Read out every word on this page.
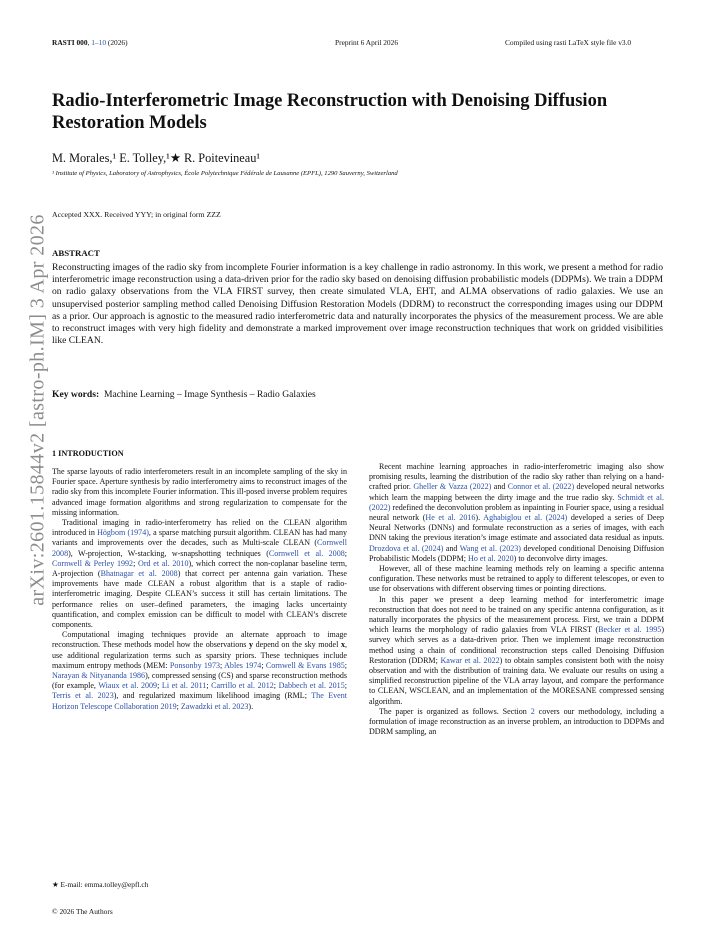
RASTI 000, 1–10 (2026)	Preprint 6 April 2026	Compiled using rasti LaTeX style file v3.0
arXiv:2601.15844v2 [astro-ph.IM] 3 Apr 2026
Radio-Interferometric Image Reconstruction with Denoising Diffusion Restoration Models
M. Morales,¹ E. Tolley,¹★ R. Poitevineau¹
¹ Institute of Physics, Laboratory of Astrophysics, École Polytechnique Fédérale de Lausanne (EPFL), 1290 Sauverny, Switzerland
Accepted XXX. Received YYY; in original form ZZZ
ABSTRACT
Reconstructing images of the radio sky from incomplete Fourier information is a key challenge in radio astronomy. In this work, we present a method for radio interferometric image reconstruction using a data-driven prior for the radio sky based on denoising diffusion probabilistic models (DDPMs). We train a DDPM on radio galaxy observations from the VLA FIRST survey, then create simulated VLA, EHT, and ALMA observations of radio galaxies. We use an unsupervised posterior sampling method called Denoising Diffusion Restoration Models (DDRM) to reconstruct the corresponding images using our DDPM as a prior. Our approach is agnostic to the measured radio interferometric data and naturally incorporates the physics of the measurement process. We are able to reconstruct images with very high fidelity and demonstrate a marked improvement over image reconstruction techniques that work on gridded visibilities like CLEAN.
Key words: Machine Learning – Image Synthesis – Radio Galaxies
1 INTRODUCTION

The sparse layouts of radio interferometers result in an incomplete sampling of the sky in Fourier space. Aperture synthesis by radio interferometry aims to reconstruct images of the radio sky from this incomplete Fourier information. This ill-posed inverse problem requires advanced image formation algorithms and strong regularization to compensate for the missing information.

Traditional imaging in radio-interferometry has relied on the CLEAN algorithm introduced in Högbom (1974), a sparse matching pursuit algorithm. CLEAN has had many variants and improvements over the decades, such as Multi-scale CLEAN (Cornwell 2008), W-projection, W-stacking, w-snapshotting techniques (Cornwell et al. 2008; Cornwell & Perley 1992; Ord et al. 2010), which correct the non-coplanar baseline term, A-projection (Bhatnagar et al. 2008) that correct per antenna gain variation. These improvements have made CLEAN a robust algorithm that is a staple of radio-interferometric imaging. Despite CLEAN’s success it still has certain limitations. The performance relies on user–defined parameters, the imaging lacks uncertainty quantification, and complex emission can be difficult to model with CLEAN’s discrete components.

Computational imaging techniques provide an alternate approach to image reconstruction. These methods model how the observations y depend on the sky model x, use additional regularization terms such as sparsity priors. These techniques include maximum entropy methods (MEM: Ponsonby 1973; Ables 1974; Cornwell & Evans 1985; Narayan & Nityananda 1986), compressed sensing (CS) and sparse reconstruction methods (for example, Wiaux et al. 2009; Li et al. 2011; Carrillo et al. 2012; Dabbech et al. 2015; Terris et al. 2023), and regularized maximum likelihood imaging (RML; The Event Horizon Telescope Collaboration 2019; Zawadzki et al. 2023).

Recent machine learning approaches in radio-interferometric imaging also show promising results, learning the distribution of the radio sky rather than relying on a hand-crafted prior. Gheller & Vazza (2022) and Connor et al. (2022) developed neural networks which learn the mapping between the dirty image and the true radio sky. Schmidt et al. (2022) redefined the deconvolution problem as inpainting in Fourier space, using a residual neural network (He et al. 2016). Aghabiglou et al. (2024) developed a series of Deep Neural Networks (DNNs) and formulate reconstruction as a series of images, with each DNN taking the previous iteration’s image estimate and associated data residual as inputs. Drozdova et al. (2024) and Wang et al. (2023) developed conditional Denoising Diffusion Probabilistic Models (DDPM; Ho et al. 2020) to deconvolve dirty images.

However, all of these machine learning methods rely on learning a specific antenna configuration. These networks must be retrained to apply to different telescopes, or even to use for observations with different observing times or pointing directions.

In this paper we present a deep learning method for interferometric image reconstruction that does not need to be trained on any specific antenna configuration, as it naturally incorporates the physics of the measurement process. First, we train a DDPM which learns the morphology of radio galaxies from VLA FIRST (Becker et al. 1995) survey which serves as a data-driven prior. Then we implement image reconstruction method using a chain of conditional reconstruction steps called Denoising Diffusion Restoration (DDRM; Kawar et al. 2022) to obtain samples consistent both with the noisy observation and with the distribution of training data. We evaluate our results on using a simplified reconstruction pipeline of the VLA array layout, and compare the performance to CLEAN, WSCLEAN, and an implementation of the MORESANE compressed sensing algorithm.

The paper is organized as follows. Section 2 covers our methodology, including a formulation of image reconstruction as an inverse problem, an introduction to DDPMs and DDRM sampling, an

★ E-mail: emma.tolley@epfl.ch
© 2026 The Authors
